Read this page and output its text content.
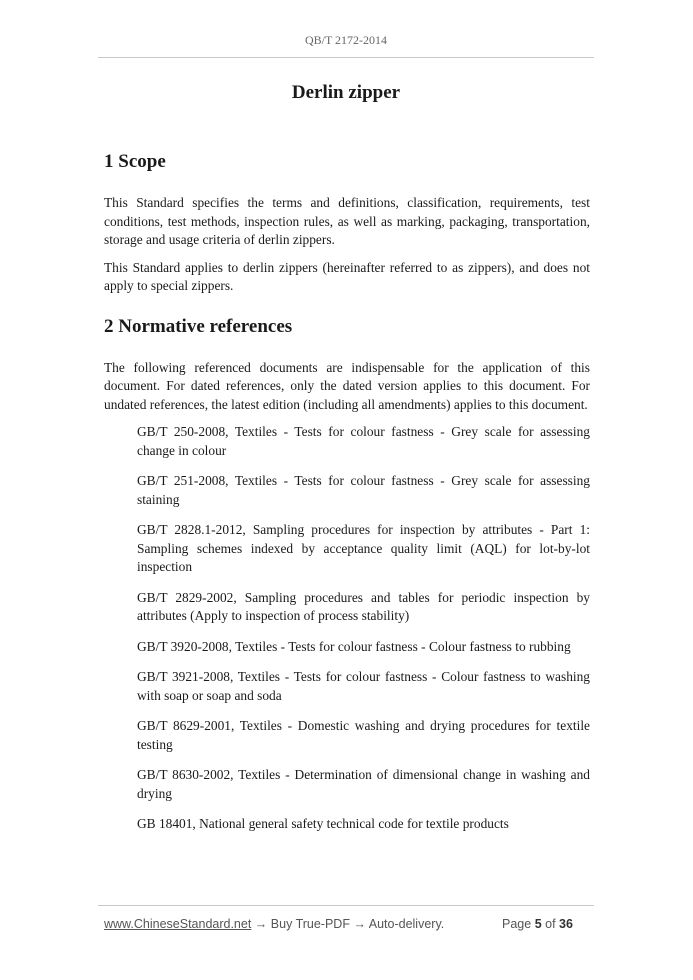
QB/T 2172-2014
Derlin zipper
1 Scope

This Standard specifies the terms and definitions, classification, requirements, test conditions, test methods, inspection rules, as well as marking, packaging, transportation, storage and usage criteria of derlin zippers.

This Standard applies to derlin zippers (hereinafter referred to as zippers), and does not apply to special zippers.

2 Normative references

The following referenced documents are indispensable for the application of this document. For dated references, only the dated version applies to this document. For undated references, the latest edition (including all amendments) applies to this document.

GB/T 250-2008, Textiles - Tests for colour fastness - Grey scale for assessing change in colour
GB/T 251-2008, Textiles - Tests for colour fastness - Grey scale for assessing staining
GB/T 2828.1-2012, Sampling procedures for inspection by attributes - Part 1: Sampling schemes indexed by acceptance quality limit (AQL) for lot-by-lot inspection
GB/T 2829-2002, Sampling procedures and tables for periodic inspection by attributes (Apply to inspection of process stability)
GB/T 3920-2008, Textiles - Tests for colour fastness - Colour fastness to rubbing
GB/T 3921-2008, Textiles - Tests for colour fastness - Colour fastness to washing with soap or soap and soda
GB/T 8629-2001, Textiles - Domestic washing and drying procedures for textile testing
GB/T 8630-2002, Textiles - Determination of dimensional change in washing and drying
GB 18401, National general safety technical code for textile products
www.ChineseStandard.net → Buy True-PDF → Auto-delivery.	Page 5 of 36
